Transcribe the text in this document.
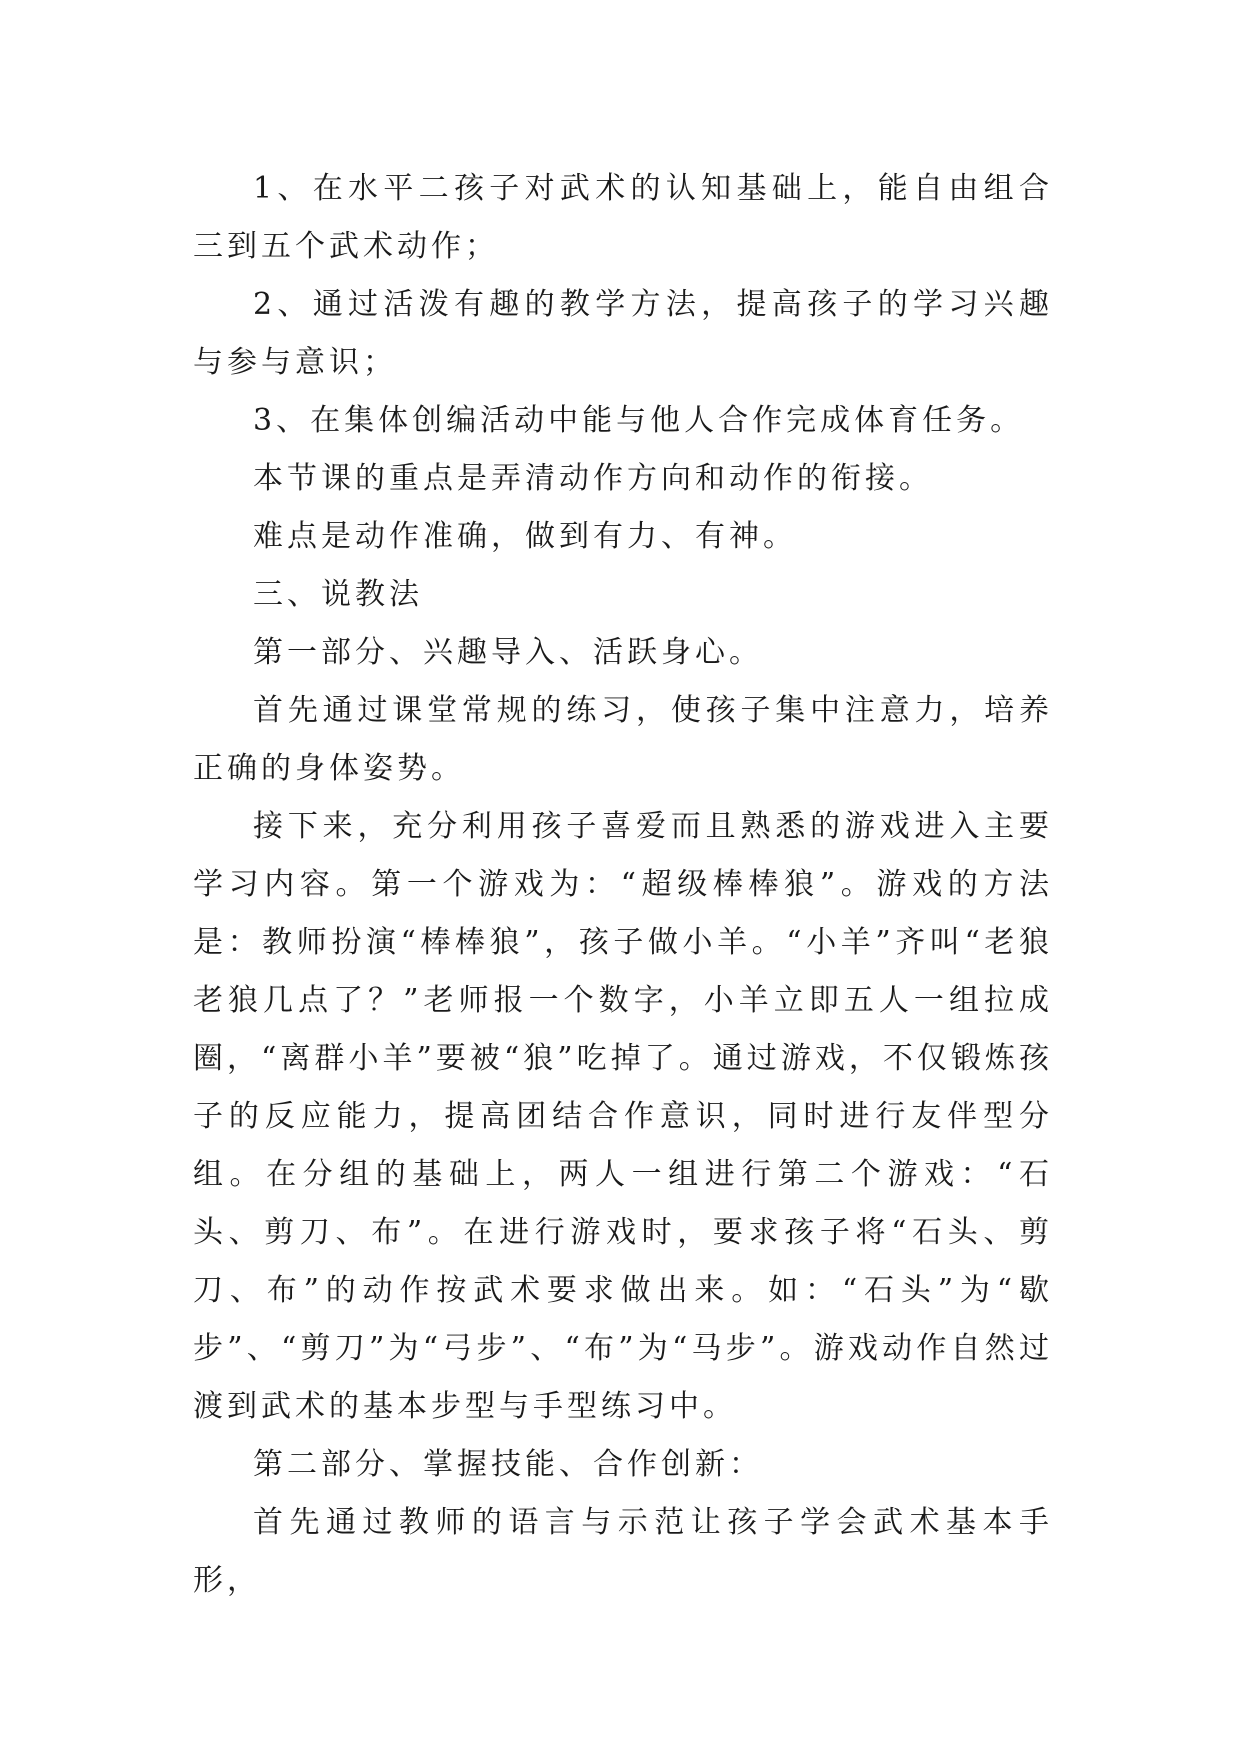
1、在水平二孩子对武术的认知基础上，能自由组合三到五个武术动作；

2、通过活泼有趣的教学方法，提高孩子的学习兴趣与参与意识；

3、在集体创编活动中能与他人合作完成体育任务。

本节课的重点是弄清动作方向和动作的衔接。

难点是动作准确，做到有力、有神。

三、说教法

第一部分、兴趣导入、活跃身心。

首先通过课堂常规的练习，使孩子集中注意力，培养正确的身体姿势。

接下来，充分利用孩子喜爱而且熟悉的游戏进入主要学习内容。第一个游戏为：“超级棒棒狼”。游戏的方法是：教师扮演“棒棒狼”，孩子做小羊。“小羊”齐叫“老狼老狼几点了？”老师报一个数字，小羊立即五人一组拉成圈，“离群小羊”要被“狼”吃掉了。通过游戏，不仅锻炼孩子的反应能力，提高团结合作意识，同时进行友伴型分组。在分组的基础上，两人一组进行第二个游戏：“石头、剪刀、布”。在进行游戏时，要求孩子将“石头、剪刀、布”的动作按武术要求做出来。如：“石头”为“歇步”、“剪刀”为“弓步”、“布”为“马步”。游戏动作自然过渡到武术的基本步型与手型练习中。

第二部分、掌握技能、合作创新：

首先通过教师的语言与示范让孩子学会武术基本手形，
